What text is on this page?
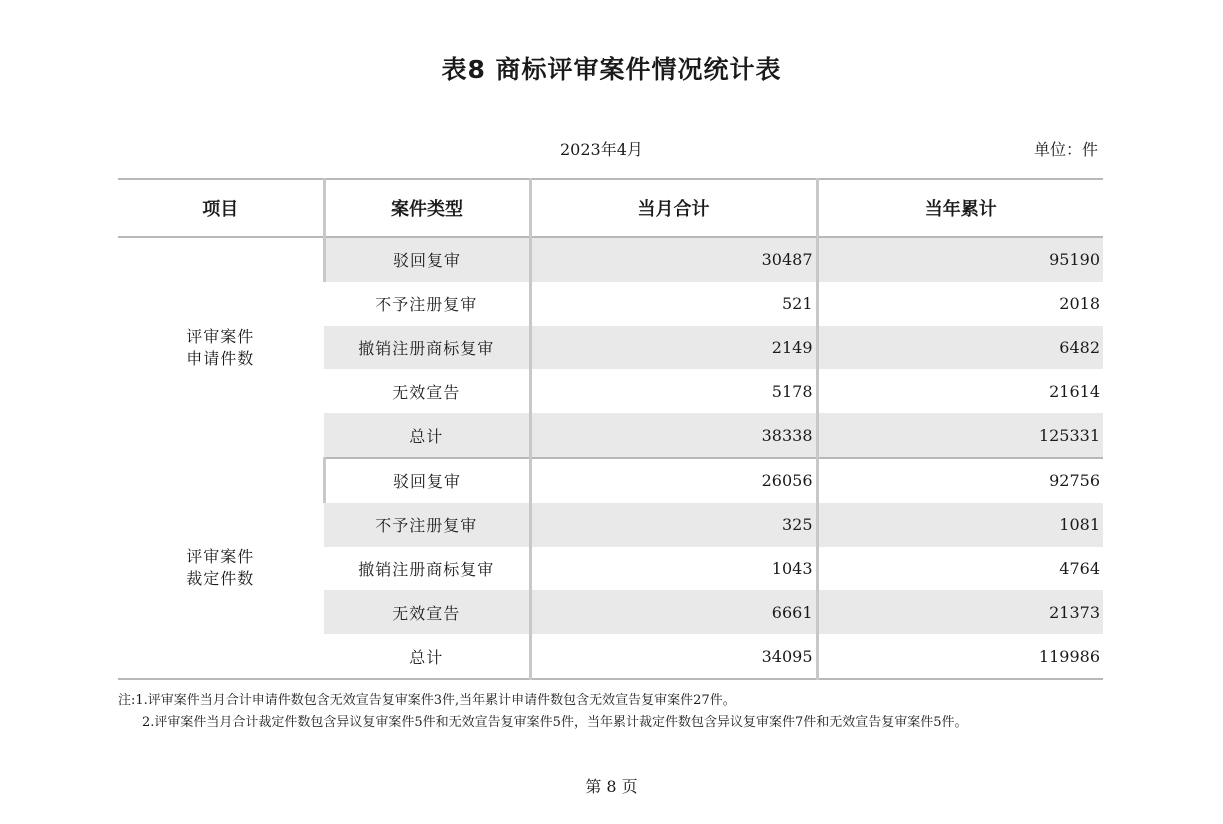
表8 商标评审案件情况统计表
2023年4月	单位：件
项目	案件类型	当月合计	当年累计

评审案件
申请件数	驳回复审	30487	95190
	不予注册复审	521	2018
	撤销注册商标复审	2149	6482
	无效宣告	5178	21614
	总计	38338	125331

评审案件
裁定件数	驳回复审	26056	92756
	不予注册复审	325	1081
	撤销注册商标复审	1043	4764
	无效宣告	6661	21373
	总计	34095	119986
注:1.评审案件当月合计申请件数包含无效宣告复审案件3件,当年累计申请件数包含无效宣告复审案件27件。
2.评审案件当月合计裁定件数包含异议复审案件5件和无效宣告复审案件5件，当年累计裁定件数包含异议复审案件7件和无效宣告复审案件5件。
第 8 页
